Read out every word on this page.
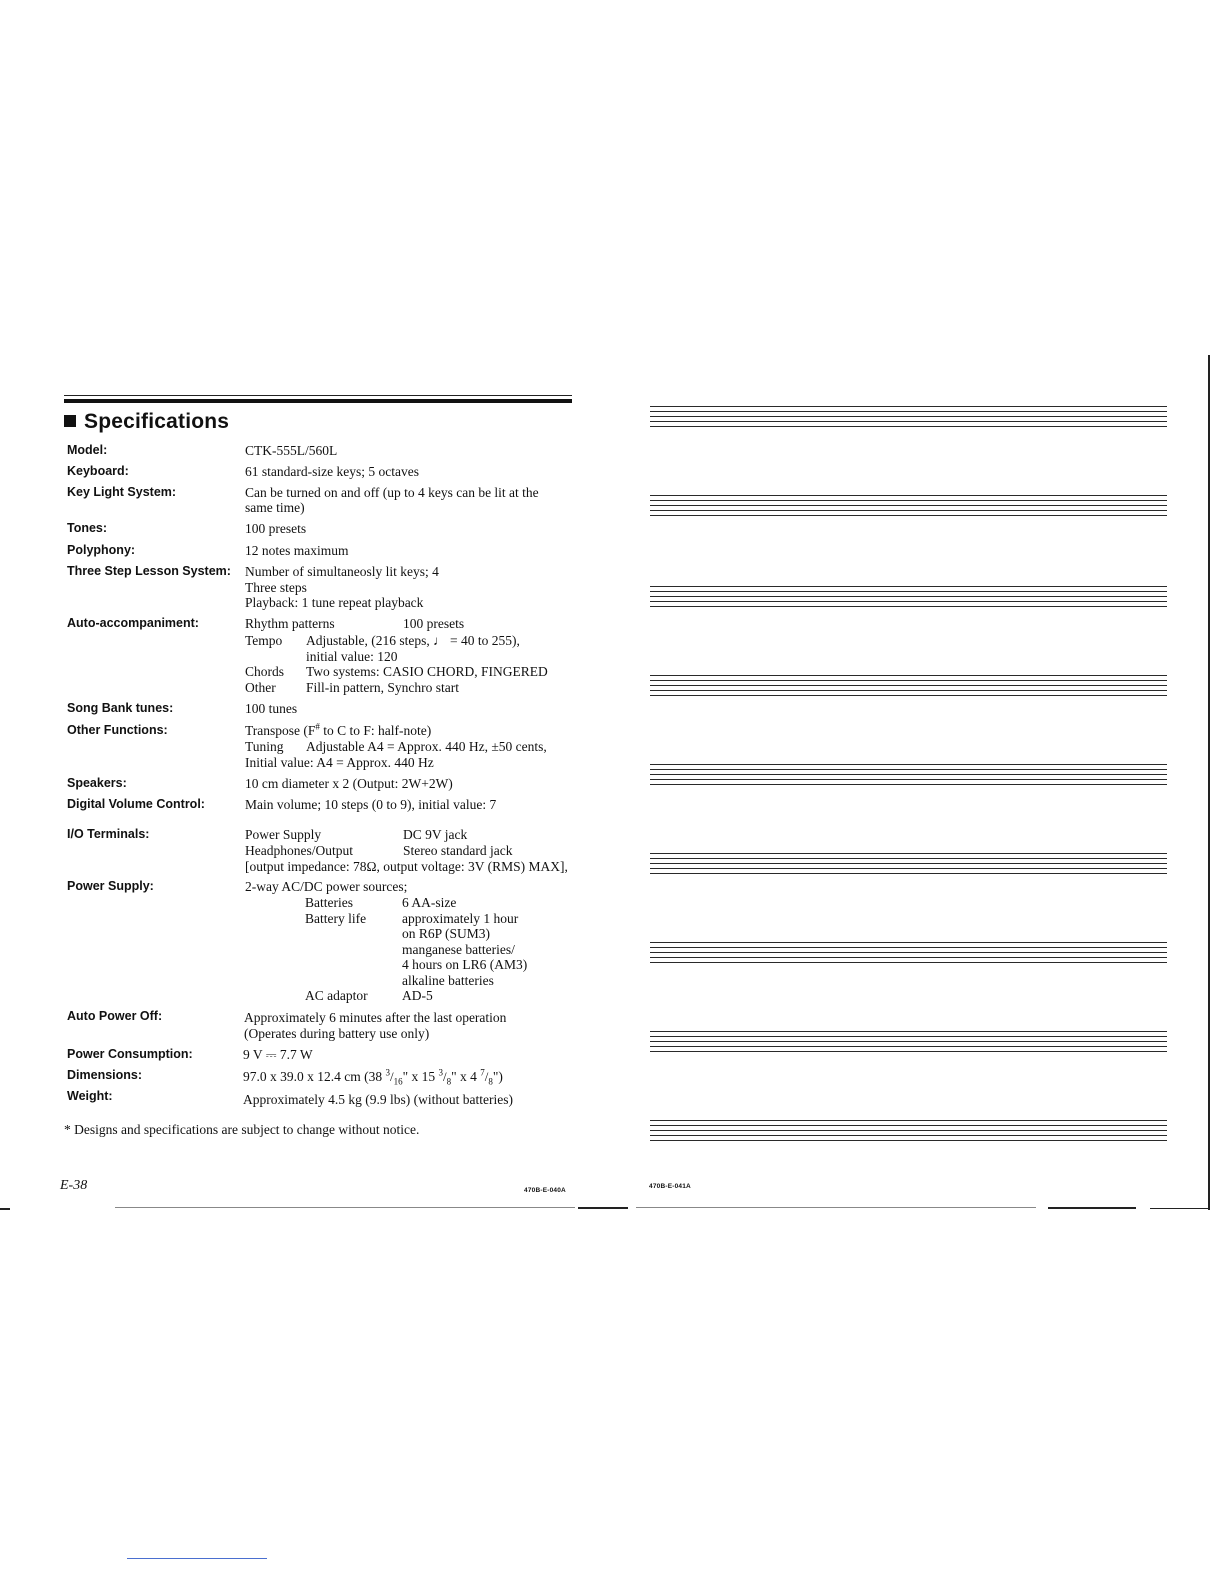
Specifications
Model:	CTK-555L/560L
Keyboard:	61 standard-size keys; 5 octaves
Key Light System:	Can be turned on and off (up to 4 keys can be lit at the
same time)
Tones:	100 presets
Polyphony:	12 notes maximum
Three Step Lesson System: Number of simultaneosly lit keys; 4
Three steps
Playback: 1 tune repeat playback
Auto-accompaniment:	Rhythm patterns	100 presets
Tempo Adjustable, (216 steps, ♩ = 40 to 255),
initial value: 120
Chords Two systems: CASIO CHORD, FINGERED
Other Fill-in pattern, Synchro start
Song Bank tunes:	100 tunes
Other Functions:	Transpose (F# to C to F: half-note)
Tuning Adjustable A4 = Approx. 440 Hz, ±50 cents,
Initial value: A4 = Approx. 440 Hz
Speakers:	10 cm diameter x 2 (Output: 2W+2W)
Digital Volume Control:	Main volume; 10 steps (0 to 9), initial value: 7
I/O Terminals:	Power Supply	DC 9V jack
Headphones/Output	Stereo standard jack
[output impedance: 78Ω, output voltage: 3V (RMS) MAX],
Power Supply:	2-way AC/DC power sources;
Batteries	6 AA-size
Battery life	approximately 1 hour
on R6P (SUM3)
manganese batteries/
4 hours on LR6 (AM3)
alkaline batteries
AC adaptor	AD-5
Auto Power Off:	Approximately 6 minutes after the last operation
(Operates during battery use only)
Power Consumption:	9 V ⎓ 7.7 W
Dimensions:	97.0 x 39.0 x 12.4 cm (38 $^3/_{16}$" x 15 $^3/_8$" x 4 $^7/_8$")
Weight:	Approximately 4.5 kg (9.9 lbs) (without batteries)
* Designs and specifications are subject to change without notice.
E-38	470B-E-040A
470B-E-041A
